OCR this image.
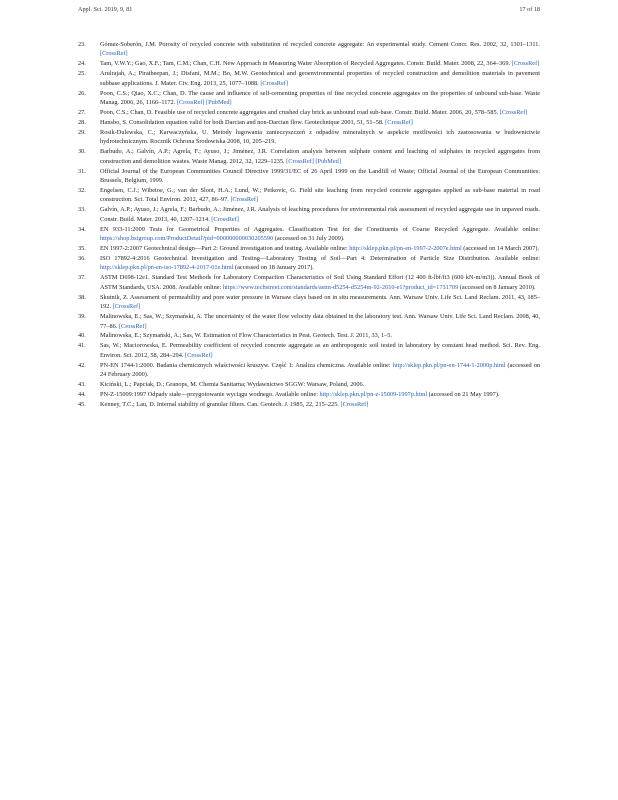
Appl. Sci. 2019, 9, 81	17 of 18
23.	Gómez-Soberón, J.M. Porosity of recycled concrete with substitution of recycled concrete aggregate: An experimental study. Cement Concr. Res. 2002, 32, 1301–1311. [CrossRef]
24.	Tam, V.W.Y.; Gao, X.F.; Tam, C.M.; Chan, C.H. New Approach in Measuring Water Absorption of Recycled Aggregates. Constr. Build. Mater. 2008, 22, 364–369. [CrossRef]
25.	Arulrajah, A.; Piratheepan, J.; Disfani, M.M.; Bo, M.W. Geotechnical and geoenvironmental properties of recycled construction and demolition materials in pavement subbase applications. J. Mater. Civ. Eng. 2013, 25, 1077–1088. [CrossRef]
26.	Poon, C.S.; Qiao, X.C.; Chan, D. The cause and influence of self-cementing properties of fine recycled concrete aggregates on the properties of unbound sub-base. Waste Manag. 2006, 26, 1166–1172. [CrossRef] [PubMed]
27.	Poon, C.S.; Chan, D. Feasible use of recycled concrete aggregates and crushed clay brick as unbound road sub-base. Constr. Build. Mater. 2006, 20, 578–585. [CrossRef]
28.	Hansbo, S. Consolidation equation valid for both Darcian and non-Darcian flow. Geotechnique 2001, 51, 51–58. [CrossRef]
29.	Rosik-Dulewska, C.; Karwaczyńska, U. Metody ługowania zanieczyszczeń z odpadów mineralnych w aspekcie możliwości ich zastosowania w budownictwie hydrotechnicznym. Rocznik Ochrona Środowiska 2008, 10, 205–219.
30.	Barbudo, A.; Galvín, A.P.; Agrela, F.; Ayuso, J.; Jiménez, J.R. Correlation analysis between sulphate content and leaching of sulphates in recycled aggregates from construction and demolition wastes. Waste Manag. 2012, 32, 1229–1235. [CrossRef] [PubMed]
31.	Official Journal of the European Communities Council Directive 1999/31/EC of 26 April 1999 on the Landfill of Waste; Official Journal of the European Communities: Brussels, Belgium, 1999.
32.	Engelsen, C.J.; Wibetoe, G.; van der Sloot, H.A.; Lund, W.; Petkovic, G. Field site leaching from recycled concrete aggregates applied as sub-base material in road construction. Sci. Total Environ. 2012, 427, 86–97. [CrossRef]
33.	Galvín, A.P.; Ayuso, J.; Agrela, F.; Barbudo, A.; Jiménez, J.R. Analysis of leaching procedures for environmental risk assessment of recycled aggregate use in unpaved roads. Constr. Build. Mater. 2013, 40, 1207–1214. [CrossRef]
34.	EN 933-11:2009 Tests for Geometrical Properties of Aggregates. Classification Test for the Constituents of Coarse Recycled Aggregate. Available online: https://shop.bsigroup.com/ProductDetail?pid=000000000030205590 (accessed on 31 July 2009).
35.	EN 1997-2:2007 Geotechnical design—Part 2: Ground investigation and testing. Available online: http://sklep.pkn.pl/pn-en-1997-2-2007e.html (accessed on 14 March 2007).
36.	ISO 17892-4:2016 Geotechnical Investigation and Testing—Laboratory Testing of Soil—Part 4: Determination of Particle Size Distribution. Available online: http://sklep.pkn.pl/pn-en-iso-17892-4-2017-01e.html (accessed on 18 January 2017).
37.	ASTM D698-12e1. Standard Test Methods for Laboratory Compaction Characteristics of Soil Using Standard Effort (12 400 ft-lbf/ft3 (600 kN-m/m3)). Annual Book of ASTM Standards, USA. 2008. Available online: https://www.techstreet.com/standards/astm-d5254-d5254m-92-2010-e1?product_id=1731709 (accessed on 8 January 2010).
38.	Skutnik, Z. Assessment of permeability and pore water pressure in Warsaw clays based on in situ measurements. Ann. Warsaw Univ. Life Sci. Land Reclam. 2011, 43, 185–192. [CrossRef]
39.	Malinowska, E.; Sas, W.; Szymański, A. The uncertainty of the water flow velocity data obtained in the laboratory test. Ann. Warsaw Univ. Life Sci. Land Reclam. 2008, 40, 77–86. [CrossRef]
40.	Malinowska, E.; Szymański, A.; Sas, W. Estimation of Flow Characteristics in Peat. Geotech. Test. J. 2011, 33, 1–5.
41.	Sas, W.; Maciorowska, E. Permeability coefficient of recycled concrete aggregate as an anthropogenic soil tested in laboratory by constant head method. Sci. Rev. Eng. Environ. Sci. 2012, 58, 284–294. [CrossRef]
42.	PN-EN 1744-1:2000. Badania chemicznych właściwości kruszyw. Część 1: Analiza chemiczna. Available online: http://sklep.pkn.pl/pn-en-1744-1-2000p.html (accessed on 24 February 2000).
43.	Kiciński, L.; Papciak, D.; Granops, M. Chemia Sanitarna; Wydawnictwo SGGW: Warsaw, Poland, 2006.
44.	PN-Z-15009:1997 Odpady stałe—przygotowanie wyciągu wodnego. Available online: http://sklep.pkn.pl/pn-z-15009-1997p.html (accessed on 21 May 1997).
45.	Kenney, T.C.; Lau, D. Internal stability of granular filters. Can. Geotech. J. 1985, 22, 215–225. [CrossRef]
